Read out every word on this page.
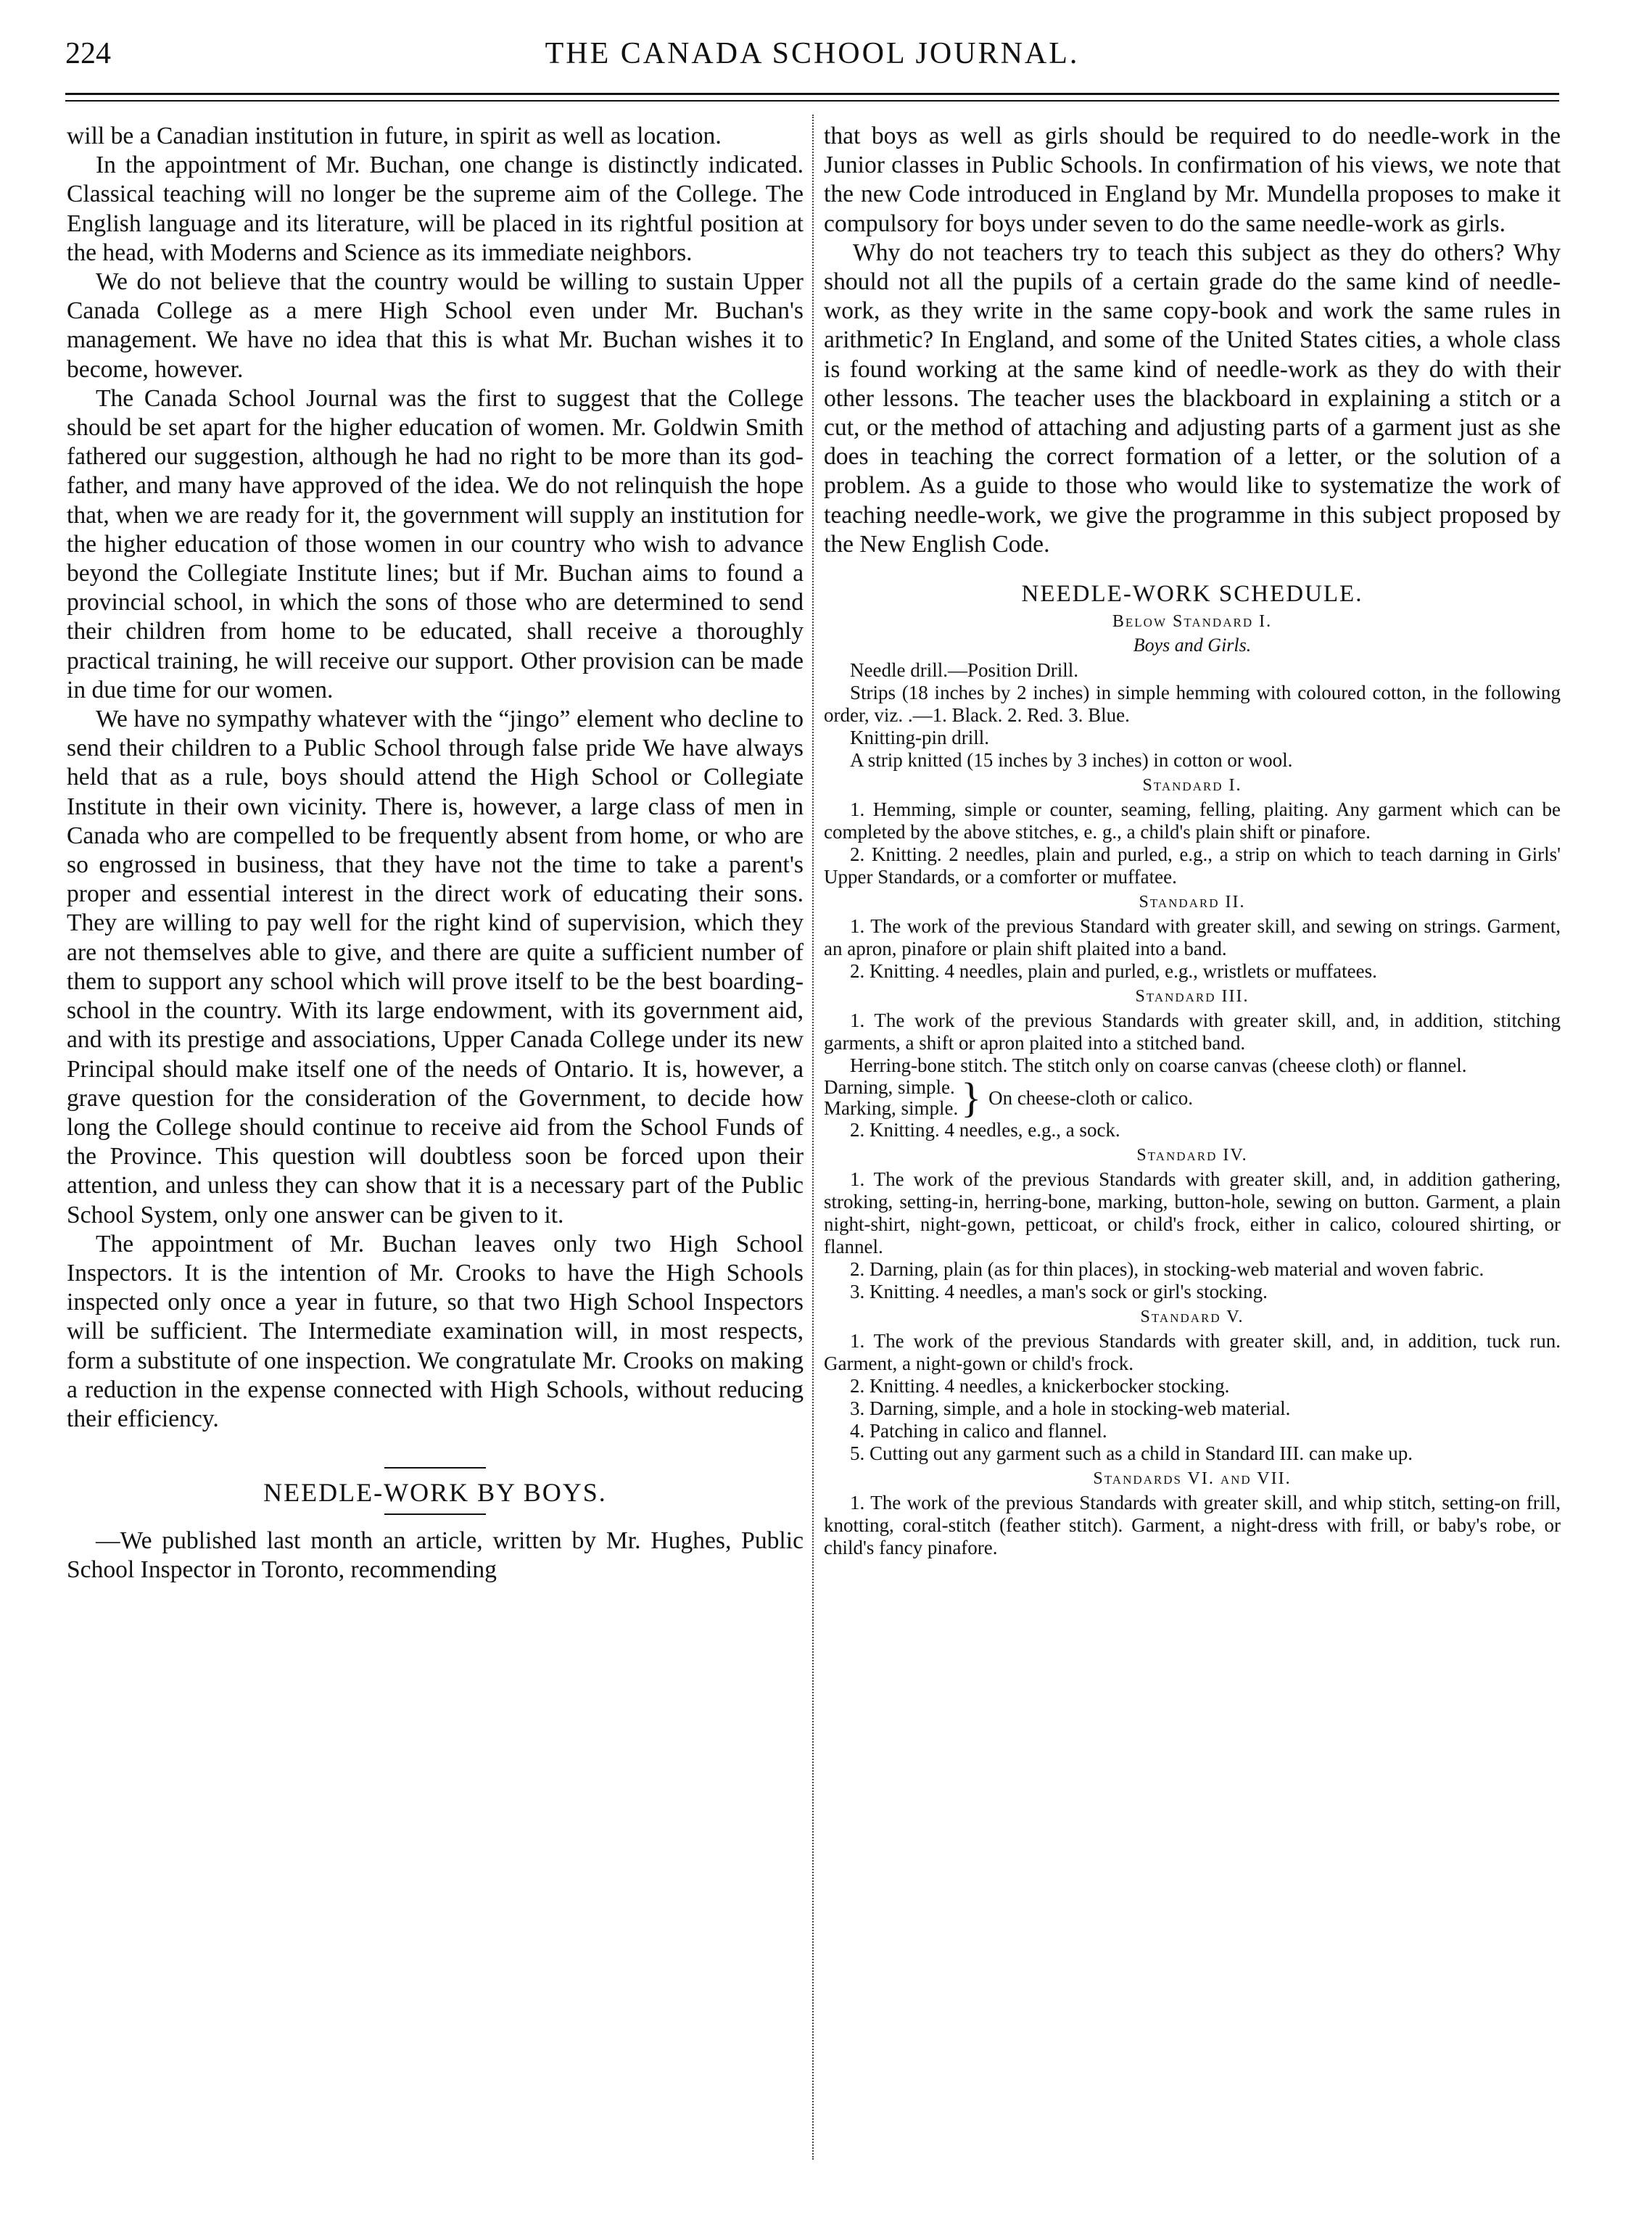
224	THE CANADA SCHOOL JOURNAL.

will be a Canadian institution in future, in spirit as well as location.

In the appointment of Mr. Buchan, one change is distinctly indicated. Classical teaching will no longer be the supreme aim of the College. The English language and its literature, will be placed in its rightful position at the head, with Moderns and Science as its immediate neighbors.

We do not believe that the country would be willing to sustain Upper Canada College as a mere High School even under Mr. Buchan's management. We have no idea that this is what Mr. Buchan wishes it to become, however.

The Canada School Journal was the first to suggest that the College should be set apart for the higher education of women. Mr. Goldwin Smith fathered our suggestion, although he had no right to be more than its god-father, and many have approved of the idea. We do not relinquish the hope that, when we are ready for it, the government will supply an institution for the higher education of those women in our country who wish to advance beyond the Collegiate Institute lines; but if Mr. Buchan aims to found a provincial school, in which the sons of those who are determined to send their children from home to be educated, shall receive a thoroughly practical training, he will receive our support. Other provision can be made in due time for our women.

We have no sympathy whatever with the “jingo” element who decline to send their children to a Public School through false pride We have always held that as a rule, boys should attend the High School or Collegiate Institute in their own vicinity. There is, however, a large class of men in Canada who are compelled to be frequently absent from home, or who are so engrossed in business, that they have not the time to take a parent's proper and essential interest in the direct work of educating their sons. They are willing to pay well for the right kind of supervision, which they are not themselves able to give, and there are quite a sufficient number of them to support any school which will prove itself to be the best boarding-school in the country. With its large endowment, with its government aid, and with its prestige and associations, Upper Canada College under its new Principal should make itself one of the needs of Ontario. It is, however, a grave question for the consideration of the Government, to decide how long the College should continue to receive aid from the School Funds of the Province. This question will doubtless soon be forced upon their attention, and unless they can show that it is a necessary part of the Public School System, only one answer can be given to it.

The appointment of Mr. Buchan leaves only two High School Inspectors. It is the intention of Mr. Crooks to have the High Schools inspected only once a year in future, so that two High School Inspectors will be sufficient. The Intermediate examination will, in most respects, form a substitute of one inspection. We congratulate Mr. Crooks on making a reduction in the expense connected with High Schools, without reducing their efficiency.

NEEDLE-WORK BY BOYS.

—We published last month an article, written by Mr. Hughes, Public School Inspector in Toronto, recommending

that boys as well as girls should be required to do needle-work in the Junior classes in Public Schools. In confirmation of his views, we note that the new Code introduced in England by Mr. Mundella proposes to make it compulsory for boys under seven to do the same needle-work as girls.

Why do not teachers try to teach this subject as they do others? Why should not all the pupils of a certain grade do the same kind of needle-work, as they write in the same copy-book and work the same rules in arithmetic? In England, and some of the United States cities, a whole class is found working at the same kind of needle-work as they do with their other lessons. The teacher uses the blackboard in explaining a stitch or a cut, or the method of attaching and adjusting parts of a garment just as she does in teaching the correct formation of a letter, or the solution of a problem. As a guide to those who would like to systematize the work of teaching needle-work, we give the programme in this subject proposed by the New English Code.

NEEDLE-WORK SCHEDULE.
Below Standard I.
Boys and Girls.

Needle drill.—Position Drill.

Strips (18 inches by 2 inches) in simple hemming with coloured cotton, in the following order, viz. .—1. Black. 2. Red. 3. Blue.

Knitting-pin drill.

A strip knitted (15 inches by 3 inches) in cotton or wool.

Standard I.

1. Hemming, simple or counter, seaming, felling, plaiting. Any garment which can be completed by the above stitches, e. g., a child's plain shift or pinafore.

2. Knitting. 2 needles, plain and purled, e.g., a strip on which to teach darning in Girls' Upper Standards, or a comforter or muffatee.

Standard II.

1. The work of the previous Standard with greater skill, and sewing on strings. Garment, an apron, pinafore or plain shift plaited into a band.

2. Knitting. 4 needles, plain and purled, e.g., wristlets or muffatees.

Standard III.

1. The work of the previous Standards with greater skill, and, in addition, stitching garments, a shift or apron plaited into a stitched band.

Herring-bone stitch. The stitch only on coarse canvas (cheese cloth) or flannel.

Darning, simple.
Marking, simple. } On cheese-cloth or calico.

2. Knitting. 4 needles, e.g., a sock.

Standard IV.

1. The work of the previous Standards with greater skill, and, in addition gathering, stroking, setting-in, herring-bone, marking, button-hole, sewing on button. Garment, a plain night-shirt, night-gown, petticoat, or child's frock, either in calico, coloured shirting, or flannel.

2. Darning, plain (as for thin places), in stocking-web material and woven fabric.

3. Knitting. 4 needles, a man's sock or girl's stocking.

Standard V.

1. The work of the previous Standards with greater skill, and, in addition, tuck run. Garment, a night-gown or child's frock.

2. Knitting. 4 needles, a knickerbocker stocking.

3. Darning, simple, and a hole in stocking-web material.

4. Patching in calico and flannel.

5. Cutting out any garment such as a child in Standard III. can make up.

Standards VI. and VII.

1. The work of the previous Standards with greater skill, and whip stitch, setting-on frill, knotting, coral-stitch (feather stitch). Garment, a night-dress with frill, or baby's robe, or child's fancy pinafore.
